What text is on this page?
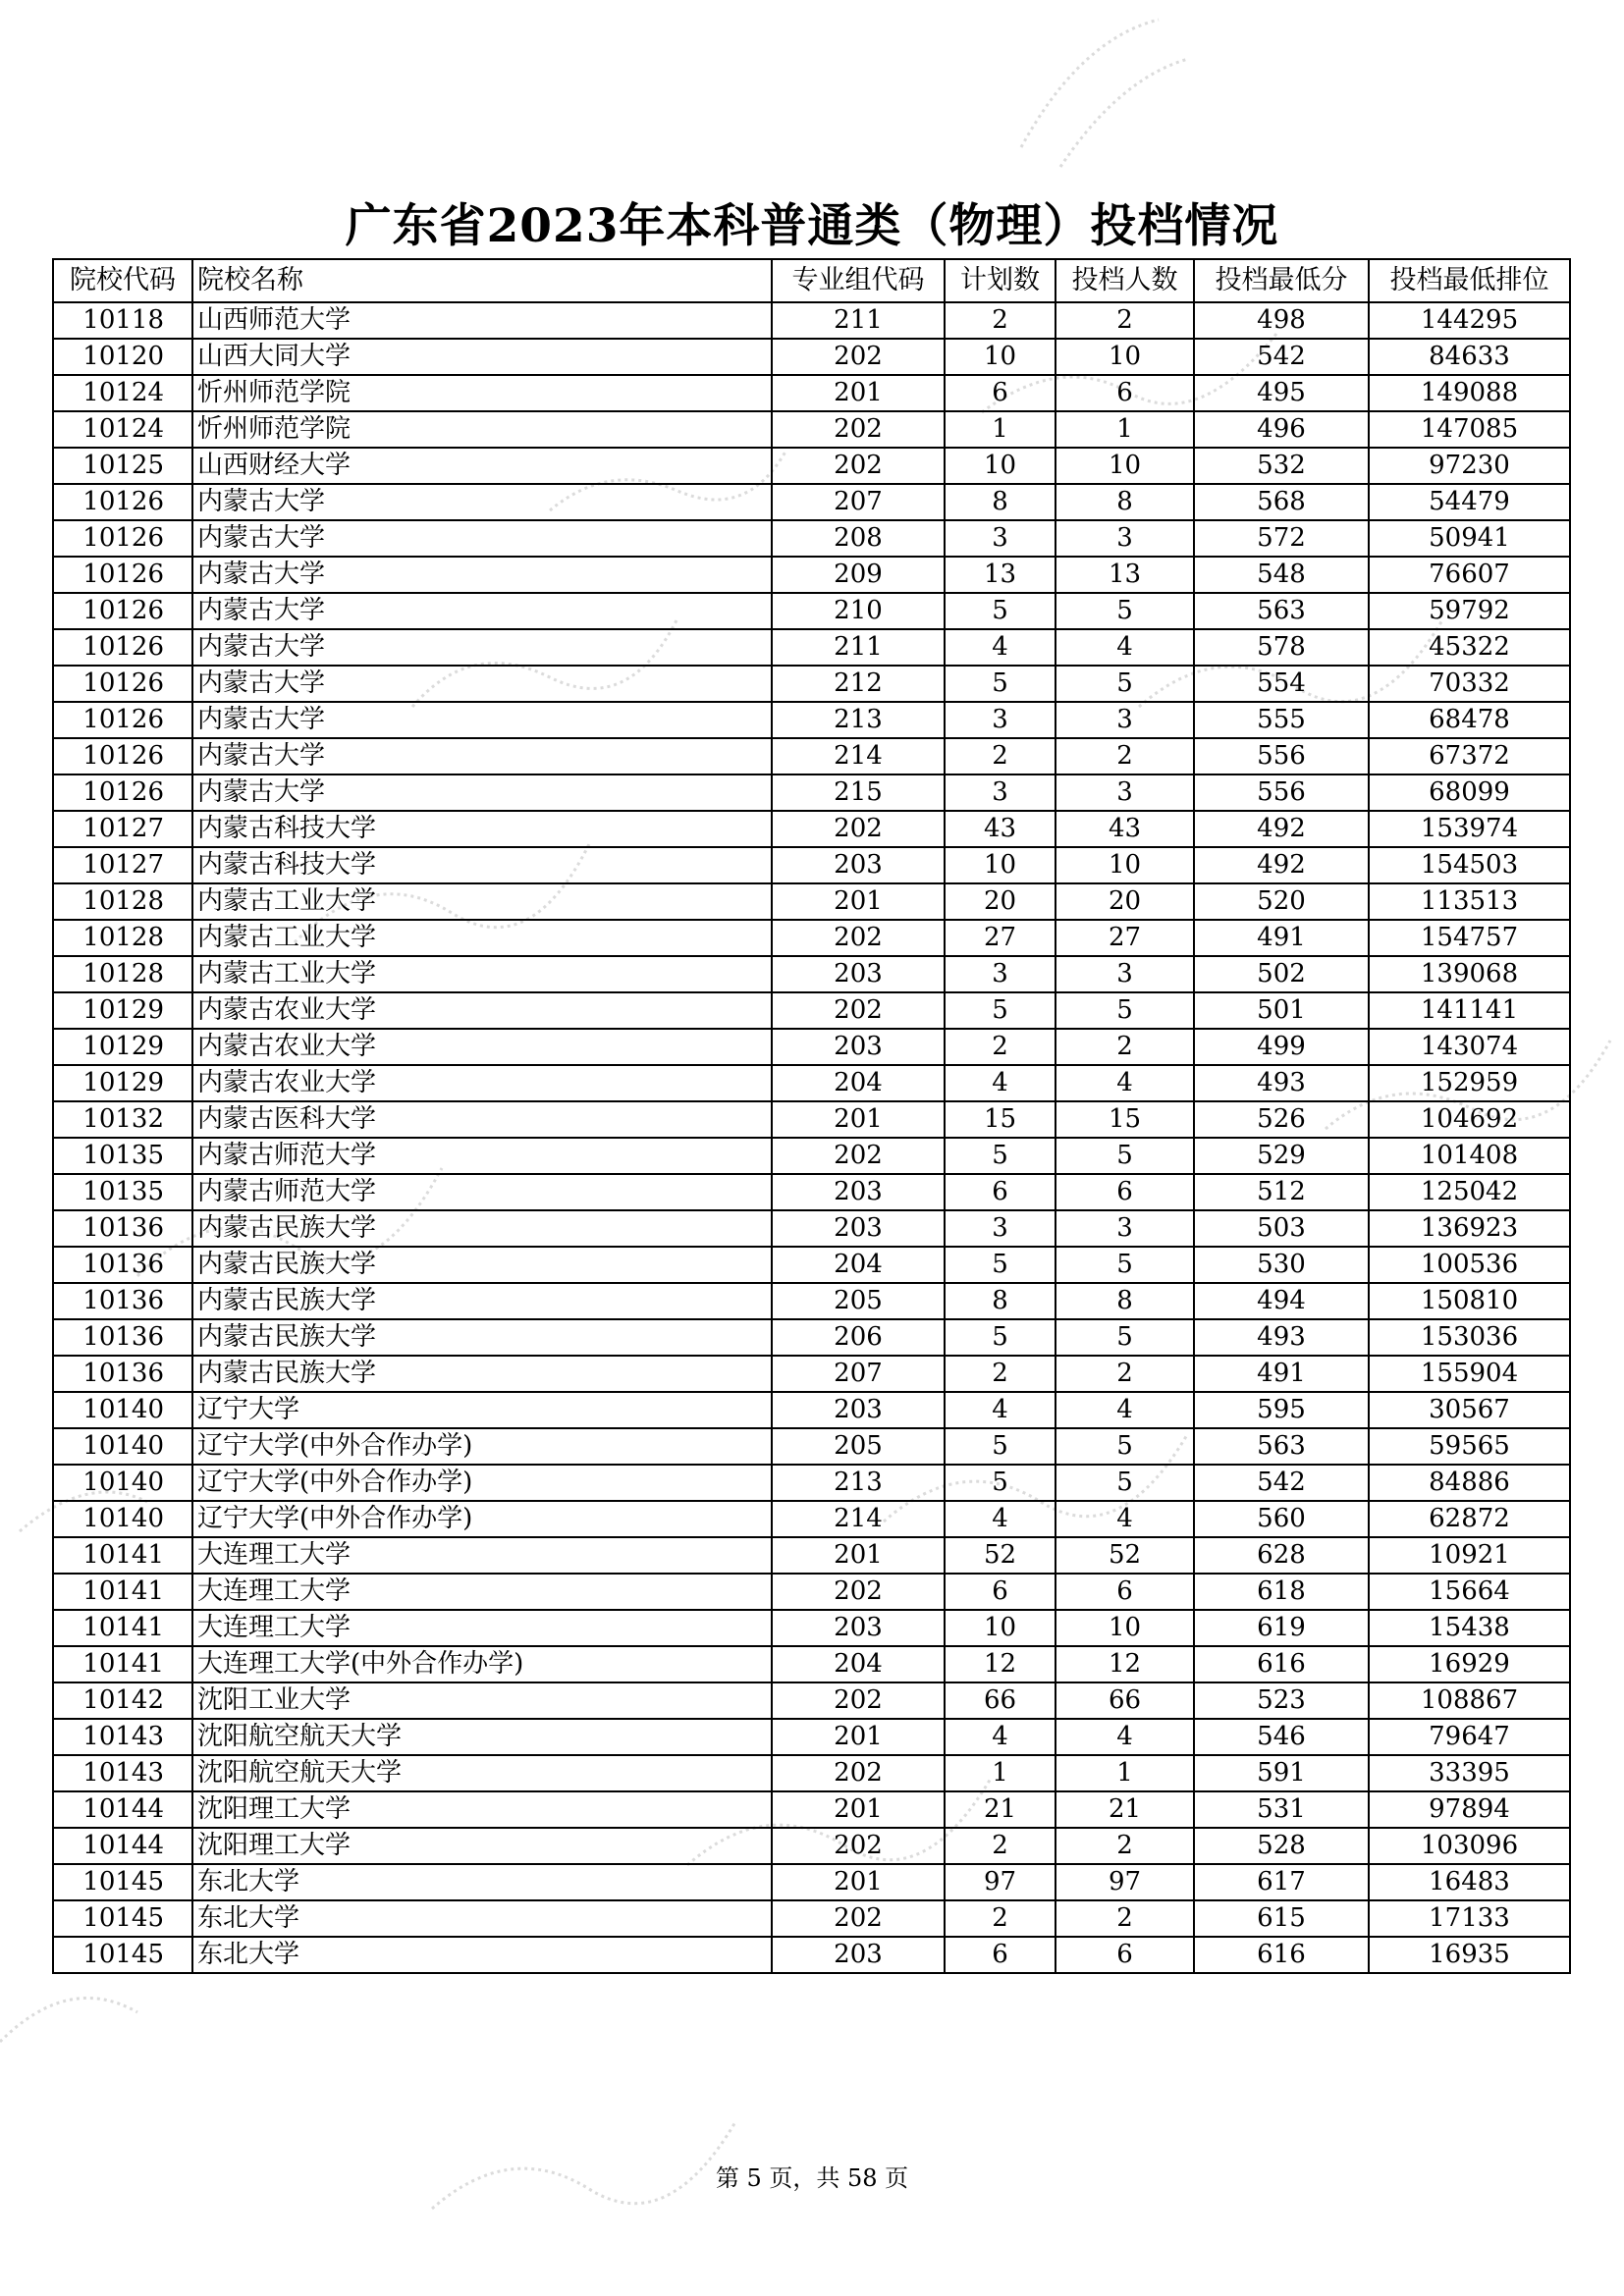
广东省2023年本科普通类（物理）投档情况
院校代码	院校名称	专业组代码	计划数	投档人数	投档最低分	投档最低排位
10118	山西师范大学	211	2	2	498	144295
10120	山西大同大学	202	10	10	542	84633
10124	忻州师范学院	201	6	6	495	149088
10124	忻州师范学院	202	1	1	496	147085
10125	山西财经大学	202	10	10	532	97230
10126	内蒙古大学	207	8	8	568	54479
10126	内蒙古大学	208	3	3	572	50941
10126	内蒙古大学	209	13	13	548	76607
10126	内蒙古大学	210	5	5	563	59792
10126	内蒙古大学	211	4	4	578	45322
10126	内蒙古大学	212	5	5	554	70332
10126	内蒙古大学	213	3	3	555	68478
10126	内蒙古大学	214	2	2	556	67372
10126	内蒙古大学	215	3	3	556	68099
10127	内蒙古科技大学	202	43	43	492	153974
10127	内蒙古科技大学	203	10	10	492	154503
10128	内蒙古工业大学	201	20	20	520	113513
10128	内蒙古工业大学	202	27	27	491	154757
10128	内蒙古工业大学	203	3	3	502	139068
10129	内蒙古农业大学	202	5	5	501	141141
10129	内蒙古农业大学	203	2	2	499	143074
10129	内蒙古农业大学	204	4	4	493	152959
10132	内蒙古医科大学	201	15	15	526	104692
10135	内蒙古师范大学	202	5	5	529	101408
10135	内蒙古师范大学	203	6	6	512	125042
10136	内蒙古民族大学	203	3	3	503	136923
10136	内蒙古民族大学	204	5	5	530	100536
10136	内蒙古民族大学	205	8	8	494	150810
10136	内蒙古民族大学	206	5	5	493	153036
10136	内蒙古民族大学	207	2	2	491	155904
10140	辽宁大学	203	4	4	595	30567
10140	辽宁大学(中外合作办学)	205	5	5	563	59565
10140	辽宁大学(中外合作办学)	213	5	5	542	84886
10140	辽宁大学(中外合作办学)	214	4	4	560	62872
10141	大连理工大学	201	52	52	628	10921
10141	大连理工大学	202	6	6	618	15664
10141	大连理工大学	203	10	10	619	15438
10141	大连理工大学(中外合作办学)	204	12	12	616	16929
10142	沈阳工业大学	202	66	66	523	108867
10143	沈阳航空航天大学	201	4	4	546	79647
10143	沈阳航空航天大学	202	1	1	591	33395
10144	沈阳理工大学	201	21	21	531	97894
10144	沈阳理工大学	202	2	2	528	103096
10145	东北大学	201	97	97	617	16483
10145	东北大学	202	2	2	615	17133
10145	东北大学	203	6	6	616	16935
第 5 页，共 58 页
